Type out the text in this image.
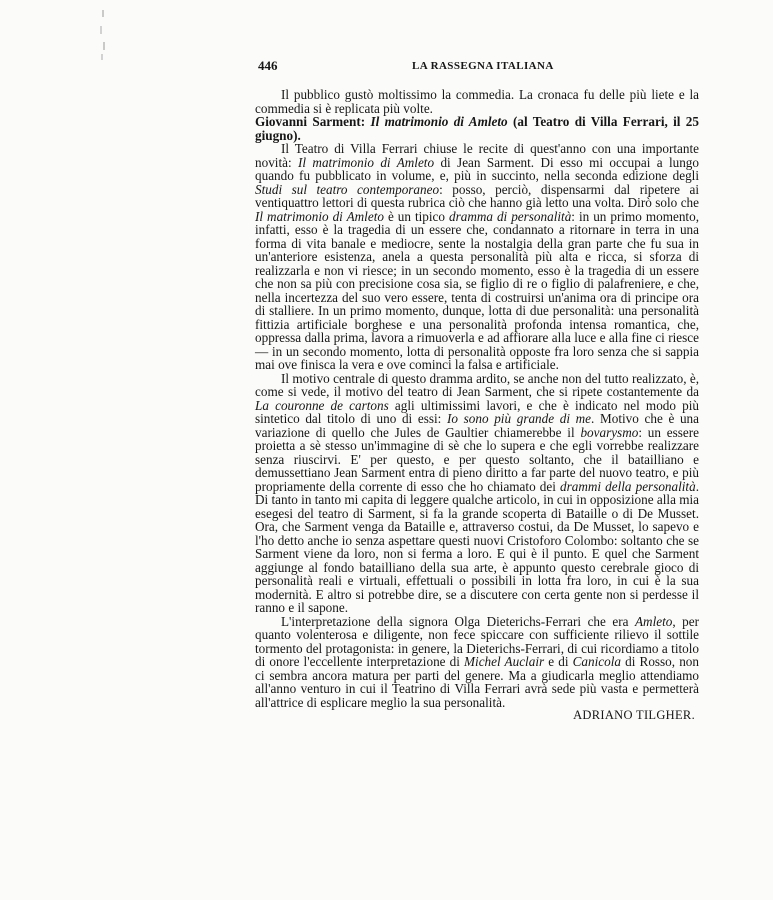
446	LA RASSEGNA ITALIANA

Il pubblico gustò moltissimo la commedia. La cronaca fu delle più liete e la commedia si è replicata più volte.

Giovanni Sarment: Il matrimonio di Amleto (al Teatro di Villa Ferrari, il 25 giugno).

Il Teatro di Villa Ferrari chiuse le recite di quest'anno con una importante novità: Il matrimonio di Amleto di Jean Sarment. Di esso mi occupai a lungo quando fu pubblicato in volume, e, più in succinto, nella seconda edizione degli Studi sul teatro contemporaneo: posso, perciò, dispensarmi dal ripetere ai ventiquattro lettori di questa rubrica ciò che hanno già letto una volta. Dirò solo che Il matrimonio di Amleto è un tipico dramma di personalità: in un primo momento, infatti, esso è la tragedia di un essere che, condannato a ritornare in terra in una forma di vita banale e mediocre, sente la nostalgia della gran parte che fu sua in un'anteriore esistenza, anela a questa personalità più alta e ricca, si sforza di realizzarla e non vi riesce; in un secondo momento, esso è la tragedia di un essere che non sa più con precisione cosa sia, se figlio di re o figlio di palafreniere, e che, nella incertezza del suo vero essere, tenta di costruirsi un'anima ora di principe ora di stalliere. In un primo momento, dunque, lotta di due personalità: una personalità fittizia artificiale borghese e una personalità profonda intensa romantica, che, oppressa dalla prima, lavora a rimuoverla e ad affiorare alla luce e alla fine ci riesce — in un secondo momento, lotta di personalità opposte fra loro senza che si sappia mai ove finisca la vera e ove cominci la falsa e artificiale.

Il motivo centrale di questo dramma ardito, se anche non del tutto realizzato, è, come si vede, il motivo del teatro di Jean Sarment, che si ripete costantemente da La couronne de cartons agli ultimissimi lavori, e che è indicato nel modo più sintetico dal titolo di uno di essi: Io sono più grande di me. Motivo che è una variazione di quello che Jules de Gaultier chiamerebbe il bovarysmo: un essere proietta a sè stesso un'immagine di sè che lo supera e che egli vorrebbe realizzare senza riuscirvi. E' per questo, e per questo soltanto, che il batailliano e demussettiano Jean Sarment entra di pieno diritto a far parte del nuovo teatro, e più propriamente della corrente di esso che ho chiamato dei drammi della personalità. Di tanto in tanto mi capita di leggere qualche articolo, in cui in opposizione alla mia esegesi del teatro di Sarment, si fa la grande scoperta di Bataille o di De Musset. Ora, che Sarment venga da Bataille e, attraverso costui, da De Musset, lo sapevo e l'ho detto anche io senza aspettare questi nuovi Cristoforo Colombo: soltanto che se Sarment viene da loro, non si ferma a loro. E qui è il punto. E quel che Sarment aggiunge al fondo batailliano della sua arte, è appunto questo cerebrale gioco di personalità reali e virtuali, effettuali o possibili in lotta fra loro, in cui è la sua modernità. E altro si potrebbe dire, se a discutere con certa gente non si perdesse il ranno e il sapone.

L'interpretazione della signora Olga Dieterichs-Ferrari che era Amleto, per quanto volenterosa e diligente, non fece spiccare con sufficiente rilievo il sottile tormento del protagonista: in genere, la Dieterichs-Ferrari, di cui ricordiamo a titolo di onore l'eccellente interpretazione di Michel Auclair e di Canicola di Rosso, non ci sembra ancora matura per parti del genere. Ma a giudicarla meglio attendiamo all'anno venturo in cui il Teatrino di Villa Ferrari avrà sede più vasta e permetterà all'attrice di esplicare meglio la sua personalità.

ADRIANO TILGHER.
